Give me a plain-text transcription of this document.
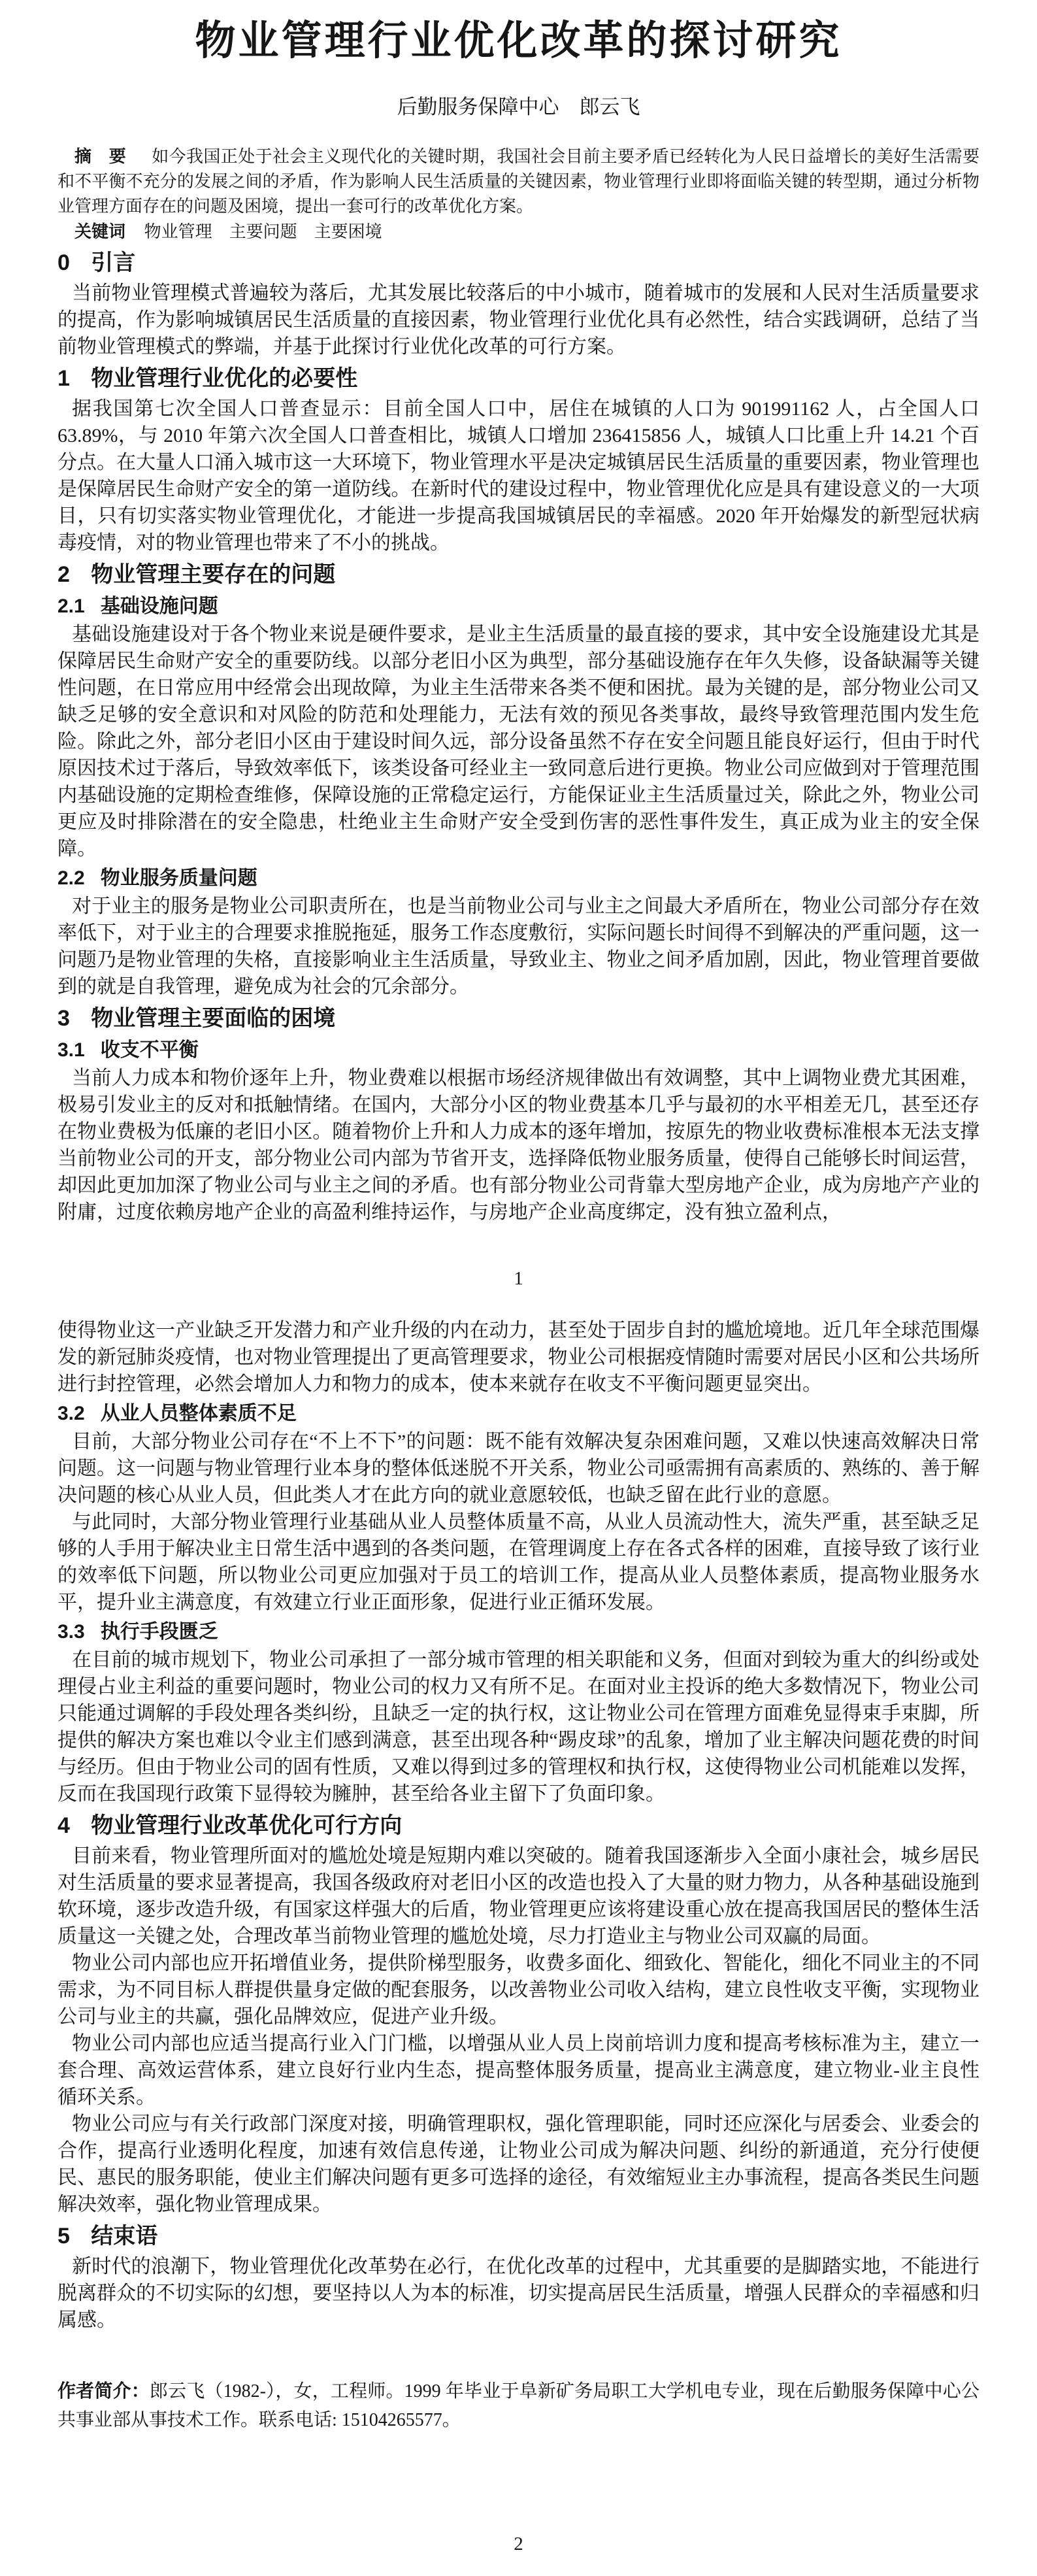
物业管理行业优化改革的探讨研究
后勤服务保障中心　郎云飞

摘　要 如今我国正处于社会主义现代化的关键时期，我国社会目前主要矛盾已经转化为人民日益增长的美好生活需要和不平衡不充分的发展之间的矛盾，作为影响人民生活质量的关键因素，物业管理行业即将面临关键的转型期，通过分析物业管理方面存在的问题及困境，提出一套可行的改革优化方案。

关键词 物业管理　主要问题　主要困境

0 引言

当前物业管理模式普遍较为落后，尤其发展比较落后的中小城市，随着城市的发展和人民对生活质量要求的提高，作为影响城镇居民生活质量的直接因素，物业管理行业优化具有必然性，结合实践调研，总结了当前物业管理模式的弊端，并基于此探讨行业优化改革的可行方案。

1 物业管理行业优化的必要性

据我国第七次全国人口普查显示：目前全国人口中，居住在城镇的人口为 901991162 人，占全国人口 63.89%，与 2010 年第六次全国人口普查相比，城镇人口增加 236415856 人，城镇人口比重上升 14.21 个百分点。在大量人口涌入城市这一大环境下，物业管理水平是决定城镇居民生活质量的重要因素，物业管理也是保障居民生命财产安全的第一道防线。在新时代的建设过程中，物业管理优化应是具有建设意义的一大项目，只有切实落实物业管理优化，才能进一步提高我国城镇居民的幸福感。2020 年开始爆发的新型冠状病毒疫情，对的物业管理也带来了不小的挑战。

2 物业管理主要存在的问题
2.1 基础设施问题

基础设施建设对于各个物业来说是硬件要求，是业主生活质量的最直接的要求，其中安全设施建设尤其是保障居民生命财产安全的重要防线。以部分老旧小区为典型，部分基础设施存在年久失修，设备缺漏等关键性问题，在日常应用中经常会出现故障，为业主生活带来各类不便和困扰。最为关键的是，部分物业公司又缺乏足够的安全意识和对风险的防范和处理能力，无法有效的预见各类事故，最终导致管理范围内发生危险。除此之外，部分老旧小区由于建设时间久远，部分设备虽然不存在安全问题且能良好运行，但由于时代原因技术过于落后，导致效率低下，该类设备可经业主一致同意后进行更换。物业公司应做到对于管理范围内基础设施的定期检查维修，保障设施的正常稳定运行，方能保证业主生活质量过关，除此之外，物业公司更应及时排除潜在的安全隐患，杜绝业主生命财产安全受到伤害的恶性事件发生，真正成为业主的安全保障。

2.2 物业服务质量问题

对于业主的服务是物业公司职责所在，也是当前物业公司与业主之间最大矛盾所在，物业公司部分存在效率低下，对于业主的合理要求推脱拖延，服务工作态度敷衍，实际问题长时间得不到解决的严重问题，这一问题乃是物业管理的失格，直接影响业主生活质量，导致业主、物业之间矛盾加剧，因此，物业管理首要做到的就是自我管理，避免成为社会的冗余部分。

3 物业管理主要面临的困境
3.1 收支不平衡

当前人力成本和物价逐年上升，物业费难以根据市场经济规律做出有效调整，其中上调物业费尤其困难，极易引发业主的反对和抵触情绪。在国内，大部分小区的物业费基本几乎与最初的水平相差无几，甚至还存在物业费极为低廉的老旧小区。随着物价上升和人力成本的逐年增加，按原先的物业收费标准根本无法支撑当前物业公司的开支，部分物业公司内部为节省开支，选择降低物业服务质量，使得自己能够长时间运营，却因此更加加深了物业公司与业主之间的矛盾。也有部分物业公司背靠大型房地产企业，成为房地产产业的附庸，过度依赖房地产企业的高盈利维持运作，与房地产企业高度绑定，没有独立盈利点，

1

使得物业这一产业缺乏开发潜力和产业升级的内在动力，甚至处于固步自封的尴尬境地。近几年全球范围爆发的新冠肺炎疫情，也对物业管理提出了更高管理要求，物业公司根据疫情随时需要对居民小区和公共场所进行封控管理，必然会增加人力和物力的成本，使本来就存在收支不平衡问题更显突出。

3.2 从业人员整体素质不足

目前，大部分物业公司存在“不上不下”的问题：既不能有效解决复杂困难问题，又难以快速高效解决日常问题。这一问题与物业管理行业本身的整体低迷脱不开关系，物业公司亟需拥有高素质的、熟练的、善于解决问题的核心从业人员，但此类人才在此方向的就业意愿较低，也缺乏留在此行业的意愿。

与此同时，大部分物业管理行业基础从业人员整体质量不高，从业人员流动性大，流失严重，甚至缺乏足够的人手用于解决业主日常生活中遇到的各类问题，在管理调度上存在各式各样的困难，直接导致了该行业的效率低下问题，所以物业公司更应加强对于员工的培训工作，提高从业人员整体素质，提高物业服务水平，提升业主满意度，有效建立行业正面形象，促进行业正循环发展。

3.3 执行手段匮乏

在目前的城市规划下，物业公司承担了一部分城市管理的相关职能和义务，但面对到较为重大的纠纷或处理侵占业主利益的重要问题时，物业公司的权力又有所不足。在面对业主投诉的绝大多数情况下，物业公司只能通过调解的手段处理各类纠纷，且缺乏一定的执行权，这让物业公司在管理方面难免显得束手束脚，所提供的解决方案也难以令业主们感到满意，甚至出现各种“踢皮球”的乱象，增加了业主解决问题花费的时间与经历。但由于物业公司的固有性质，又难以得到过多的管理权和执行权，这使得物业公司机能难以发挥，反而在我国现行政策下显得较为臃肿，甚至给各业主留下了负面印象。

4 物业管理行业改革优化可行方向

目前来看，物业管理所面对的尴尬处境是短期内难以突破的。随着我国逐渐步入全面小康社会，城乡居民对生活质量的要求显著提高，我国各级政府对老旧小区的改造也投入了大量的财力物力，从各种基础设施到软环境，逐步改造升级，有国家这样强大的后盾，物业管理更应该将建设重心放在提高我国居民的整体生活质量这一关键之处，合理改革当前物业管理的尴尬处境，尽力打造业主与物业公司双赢的局面。

物业公司内部也应开拓增值业务，提供阶梯型服务，收费多面化、细致化、智能化，细化不同业主的不同需求，为不同目标人群提供量身定做的配套服务，以改善物业公司收入结构，建立良性收支平衡，实现物业公司与业主的共赢，强化品牌效应，促进产业升级。

物业公司内部也应适当提高行业入门门槛，以增强从业人员上岗前培训力度和提高考核标准为主，建立一套合理、高效运营体系，建立良好行业内生态，提高整体服务质量，提高业主满意度，建立物业-业主良性循环关系。

物业公司应与有关行政部门深度对接，明确管理职权，强化管理职能，同时还应深化与居委会、业委会的合作，提高行业透明化程度，加速有效信息传递，让物业公司成为解决问题、纠纷的新通道，充分行使便民、惠民的服务职能，使业主们解决问题有更多可选择的途径，有效缩短业主办事流程，提高各类民生问题解决效率，强化物业管理成果。

5 结束语

新时代的浪潮下，物业管理优化改革势在必行，在优化改革的过程中，尤其重要的是脚踏实地，不能进行脱离群众的不切实际的幻想，要坚持以人为本的标准，切实提高居民生活质量，增强人民群众的幸福感和归属感。

作者简介：郎云飞（1982-），女，工程师。1999 年毕业于阜新矿务局职工大学机电专业，现在后勤服务保障中心公共事业部从事技术工作。联系电话: 15104265577。

2
